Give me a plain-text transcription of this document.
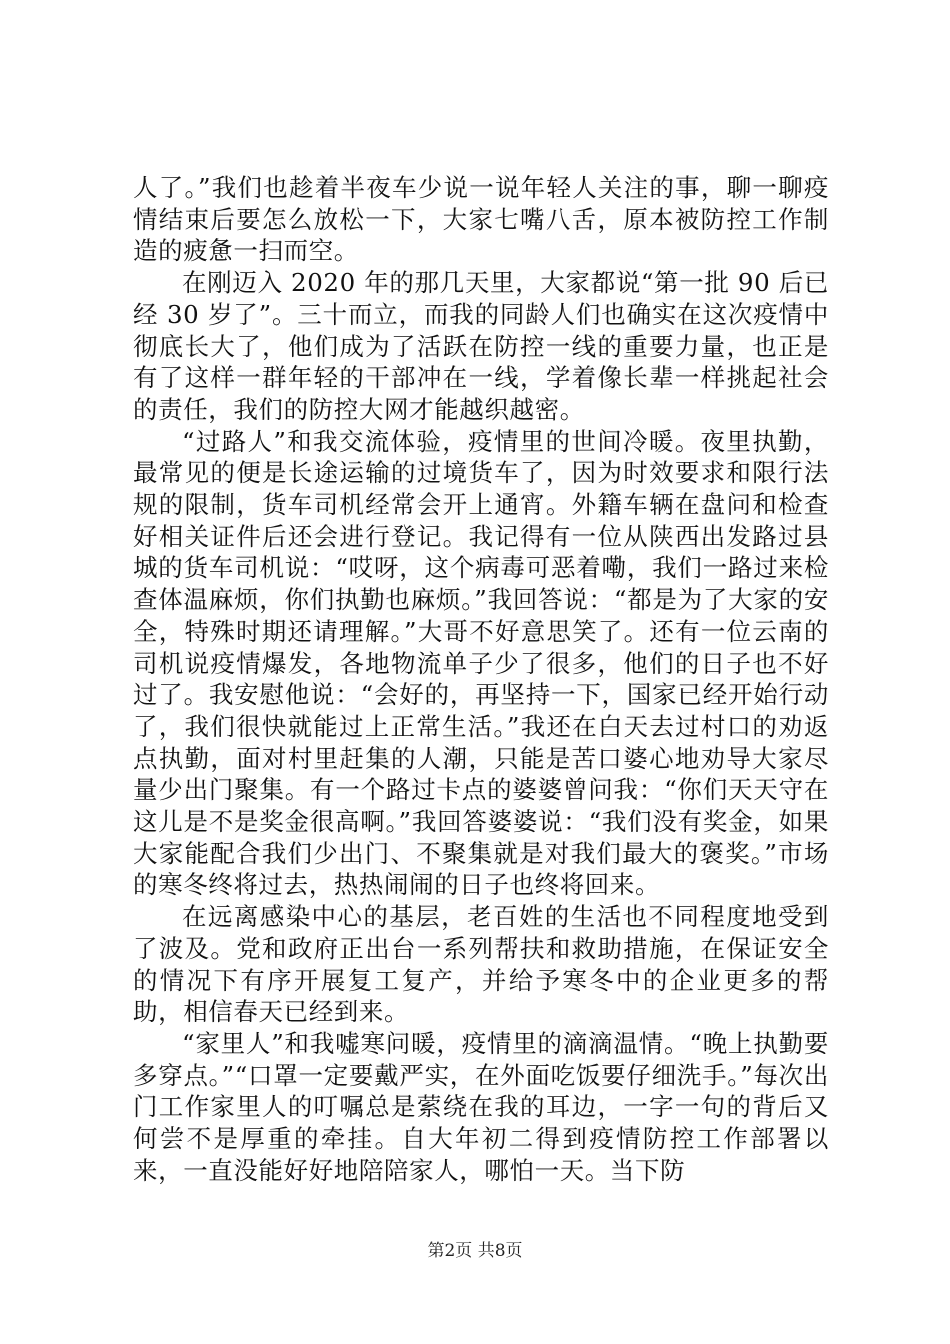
人了。”我们也趁着半夜车少说一说年轻人关注的事，聊一聊疫情结束后要怎么放松一下，大家七嘴八舌，原本被防控工作制造的疲惫一扫而空。

在刚迈入 2020 年的那几天里，大家都说“第一批 90 后已经 30 岁了”。三十而立，而我的同龄人们也确实在这次疫情中彻底长大了，他们成为了活跃在防控一线的重要力量，也正是有了这样一群年轻的干部冲在一线，学着像长辈一样挑起社会的责任，我们的防控大网才能越织越密。

“过路人”和我交流体验，疫情里的世间冷暖。夜里执勤，最常见的便是长途运输的过境货车了，因为时效要求和限行法规的限制，货车司机经常会开上通宵。外籍车辆在盘问和检查好相关证件后还会进行登记。我记得有一位从陕西出发路过县城的货车司机说：“哎呀，这个病毒可恶着嘞，我们一路过来检查体温麻烦，你们执勤也麻烦。”我回答说：“都是为了大家的安全，特殊时期还请理解。”大哥不好意思笑了。还有一位云南的司机说疫情爆发，各地物流单子少了很多，他们的日子也不好过了。我安慰他说：“会好的，再坚持一下，国家已经开始行动了，我们很快就能过上正常生活。”我还在白天去过村口的劝返点执勤，面对村里赶集的人潮，只能是苦口婆心地劝导大家尽量少出门聚集。有一个路过卡点的婆婆曾问我：“你们天天守在这儿是不是奖金很高啊。”我回答婆婆说：“我们没有奖金，如果大家能配合我们少出门、不聚集就是对我们最大的褒奖。”市场的寒冬终将过去，热热闹闹的日子也终将回来。

在远离感染中心的基层，老百姓的生活也不同程度地受到了波及。党和政府正出台一系列帮扶和救助措施，在保证安全的情况下有序开展复工复产，并给予寒冬中的企业更多的帮助，相信春天已经到来。

“家里人”和我嘘寒问暖，疫情里的滴滴温情。“晚上执勤要多穿点。”“口罩一定要戴严实，在外面吃饭要仔细洗手。”每次出门工作家里人的叮嘱总是萦绕在我的耳边，一字一句的背后又何尝不是厚重的牵挂。自大年初二得到疫情防控工作部署以来，一直没能好好地陪陪家人，哪怕一天。当下防

第2页 共8页
